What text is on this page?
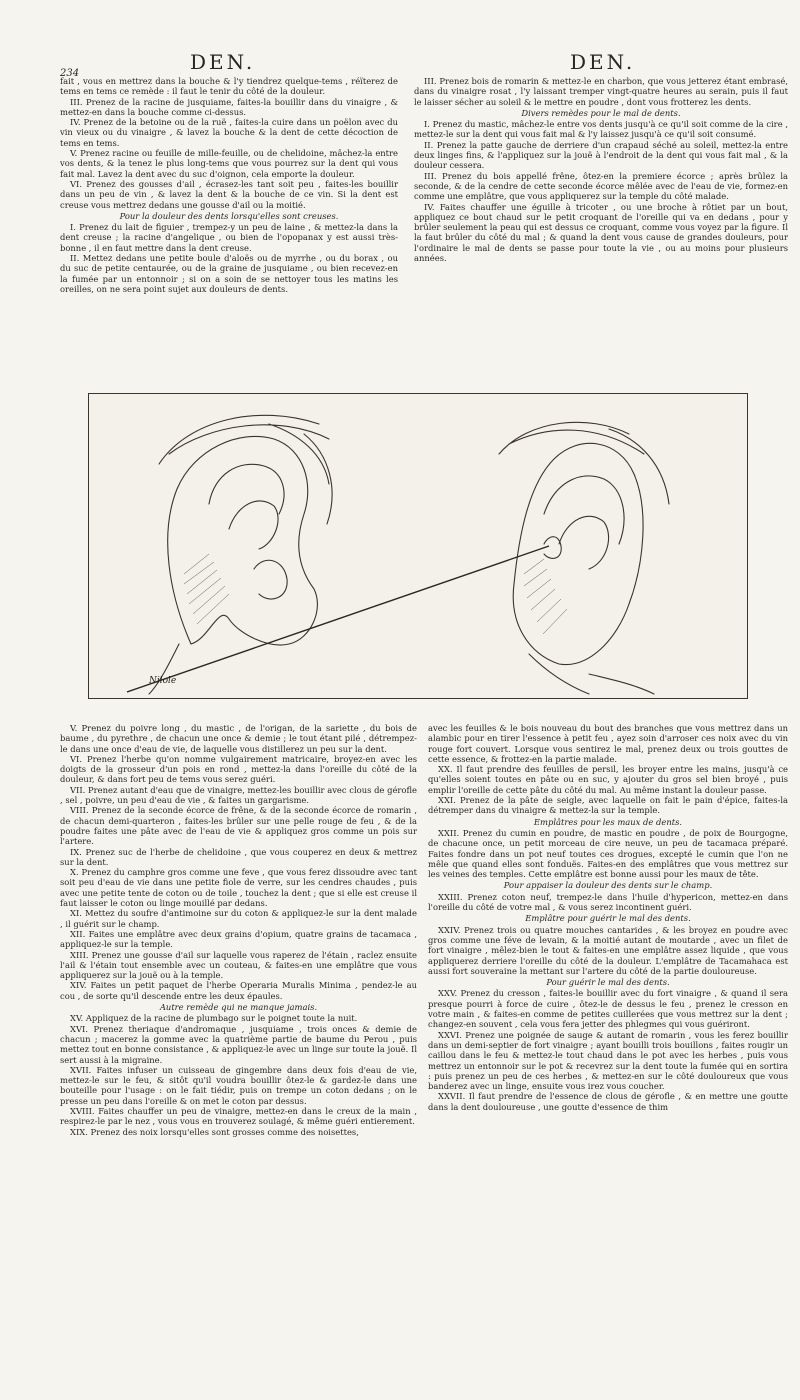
DEN.	DEN.
234

fait , vous en mettrez dans la bouche & l'y tiendrez quelque-tems , réïterez de tems en tems ce remède : il faut le tenir du côté de la douleur.

III. Prenez de la racine de jusquiame, faites-la bouillir dans du vinaigre , & mettez-en dans la bouche comme ci-dessus.

IV. Prenez de la betoine ou de la ruë , faites-la cuire dans un poëlon avec du vin vieux ou du vinaigre , & lavez la bouche & la dent de cette décoction de tems en tems.

V. Prenez racine ou feuille de mille-feuille, ou de chelidoine, mâchez-la entre vos dents, & la tenez le plus long-tems que vous pourrez sur la dent qui vous fait mal. Lavez la dent avec du suc d'oignon, cela emporte la douleur.

VI. Prenez des gousses d'ail , écrasez-les tant soit peu , faites-les bouillir dans un peu de vin , & lavez la dent & la bouche de ce vin. Si la dent est creuse vous mettrez dedans une gousse d'ail ou la moitié.

Pour la douleur des dents lorsqu'elles sont creuses.

I. Prenez du lait de figuier , trempez-y un peu de laine , & mettez-la dans la dent creuse ; la racine d'angelique , ou bien de l'opopanax y est aussi très-bonne , il en faut mettre dans la dent creuse.

II. Mettez dedans une petite boule d'aloës ou de myrrhe , ou du borax , ou du suc de petite centaurée, ou de la graine de jusquiame , ou bien recevez-en la fumée par un entonnoir ; si on a soin de se nettoyer tous les matins les oreilles, on ne sera point sujet aux douleurs de dents.

III. Prenez bois de romarin & mettez-le en charbon, que vous jetterez étant embrasé, dans du vinaigre rosat , l'y laissant tremper vingt-quatre heures au serain, puis il faut le laisser sécher au soleil & le mettre en poudre , dont vous frotterez les dents.

Divers remèdes pour le mal de dents.

I. Prenez du mastic, mâchez-le entre vos dents jusqu'à ce qu'il soit comme de la cire , mettez-le sur la dent qui vous fait mal & l'y laissez jusqu'à ce qu'il soit consumé.

II. Prenez la patte gauche de derriere d'un crapaud séché au soleil, mettez-la entre deux linges fins, & l'appliquez sur la jouë à l'endroit de la dent qui vous fait mal , & la douleur cessera.

III. Prenez du bois appellé frêne, ôtez-en la premiere écorce ; après brûlez la seconde, & de la cendre de cette seconde écorce mêlée avec de l'eau de vie, formez-en comme une emplâtre, que vous appliquerez sur la temple du côté malade.

IV. Faites chauffer une éguille à tricoter , ou une broche à rôtiet par un bout, appliquez ce bout chaud sur le petit croquant de l'oreille qui va en dedans , pour y brûler seulement la peau qui est dessus ce croquant, comme vous voyez par la figure. Il la faut brûler du côté du mal ; & quand la dent vous cause de grandes douleurs, pour l'ordinaire le mal de dents se passe pour toute la vie , ou au moins pour plusieurs années.

Nilole

V. Prenez du poivre long , du mastic , de l'origan, de la sariette , du bois de baume , du pyrethre , de chacun une once & demie ; le tout étant pilé , détrempez-le dans une once d'eau de vie, de laquelle vous distillerez un peu sur la dent.

VI. Prenez l'herbe qu'on nomme vulgairement matricaire, broyez-en avec les doigts de la grosseur d'un pois en rond , mettez-la dans l'oreille du côté de la douleur, & dans fort peu de tems vous serez guéri.

VII. Prenez autant d'eau que de vinaigre, mettez-les bouillir avec clous de gérofle , sel , poivre, un peu d'eau de vie , & faites un gargarisme.

VIII. Prenez de la seconde écorce de frêne, & de la seconde écorce de romarin , de chacun demi-quarteron , faites-les brûler sur une pelle rouge de feu , & de la poudre faites une pâte avec de l'eau de vie & appliquez gros comme un pois sur l'artere.

IX. Prenez suc de l'herbe de chelidoine , que vous couperez en deux & mettrez sur la dent.

X. Prenez du camphre gros comme une feve , que vous ferez dissoudre avec tant soit peu d'eau de vie dans une petite fiole de verre, sur les cendres chaudes , puis avec une petite tente de coton ou de toile , touchez la dent ; que si elle est creuse il faut laisser le coton ou linge mouillé par dedans.

XI. Mettez du soufre d'antimoine sur du coton & appliquez-le sur la dent malade , il guérit sur le champ.

XII. Faites une emplâtre avec deux grains d'opium, quatre grains de tacamaca , appliquez-le sur la temple.

XIII. Prenez une gousse d'ail sur laquelle vous raperez de l'étain , raclez ensuite l'ail & l'étain tout ensemble avec un couteau, & faites-en une emplâtre que vous appliquerez sur la jouë ou à la temple.

XIV. Faites un petit paquet de l'herbe Operaria Muralis Minima , pendez-le au cou , de sorte qu'il descende entre les deux épaules.

Autre remède qui ne manque jamais.

XV. Appliquez de la racine de plumbago sur le poignet toute la nuit.

XVI. Prenez theriaque d'andromaque , jusquiame , trois onces & demie de chacun ; macerez la gomme avec la quatrième partie de baume du Perou , puis mettez tout en bonne consistance , & appliquez-le avec un linge sur toute la jouë. Il sert aussi à la migraine.

XVII. Faites infuser un cuisseau de gingembre dans deux fois d'eau de vie, mettez-le sur le feu, & sitôt qu'il voudra bouillir ôtez-le & gardez-le dans une bouteille pour l'usage : on le fait tiédir, puis on trempe un coton dedans ; on le presse un peu dans l'oreille & on met le coton par dessus.

XVIII. Faites chauffer un peu de vinaigre, mettez-en dans le creux de la main , respirez-le par le nez , vous vous en trouverez soulagé, & même guéri entierement.

XIX. Prenez des noix lorsqu'elles sont grosses comme des noisettes,

avec les feuilles & le bois nouveau du bout des branches que vous mettrez dans un alambic pour en tirer l'essence à petit feu , ayez soin d'arroser ces noix avec du vin rouge fort couvert. Lorsque vous sentirez le mal, prenez deux ou trois gouttes de cette essence, & frottez-en la partie malade.

XX. Il faut prendre des feuilles de persil, les broyer entre les mains, jusqu'à ce qu'elles soient toutes en pâte ou en suc, y ajouter du gros sel bien broyé , puis emplir l'oreille de cette pâte du côté du mal. Au même instant la douleur passe.

XXI. Prenez de la pâte de seigle, avec laquelle on fait le pain d'épice, faites-la détremper dans du vinaigre & mettez-la sur la temple.

Emplâtres pour les maux de dents.

XXII. Prenez du cumin en poudre, de mastic en poudre , de poix de Bourgogne, de chacune once, un petit morceau de cire neuve, un peu de tacamaca préparé. Faites fondre dans un pot neuf toutes ces drogues, excepté le cumin que l'on ne mêle que quand elles sont fonduës. Faites-en des emplâtres que vous mettrez sur les veines des temples. Cette emplâtre est bonne aussi pour les maux de tête.

Pour appaiser la douleur des dents sur le champ.

XXIII. Prenez coton neuf, trempez-le dans l'huile d'hypericon, mettez-en dans l'oreille du côté de votre mal , & vous serez incontinent guéri.

Emplâtre pour guérir le mal des dents.

XXIV. Prenez trois ou quatre mouches cantarides , & les broyez en poudre avec gros comme une féve de levain, & la moitié autant de moutarde , avec un filet de fort vinaigre , mêlez-bien le tout & faites-en une emplâtre assez liquide , que vous appliquerez derriere l'oreille du côté de la douleur. L'emplâtre de Tacamahaca est aussi fort souveraine la mettant sur l'artere du côté de la partie douloureuse.

Pour guérir le mal des dents.

XXV. Prenez du cresson , faites-le bouillir avec du fort vinaigre , & quand il sera presque pourri à force de cuire , ôtez-le de dessus le feu , prenez le cresson en votre main , & faites-en comme de petites cuillerées que vous mettrez sur la dent ; changez-en souvent , cela vous fera jetter des phlegmes qui vous guériront.

XXVI. Prenez une poignée de sauge & autant de romarin , vous les ferez bouillir dans un demi-septier de fort vinaigre ; ayant bouilli trois bouillons , faites rougir un caillou dans le feu & mettez-le tout chaud dans le pot avec les herbes , puis vous mettrez un entonnoir sur le pot & recevrez sur la dent toute la fumée qui en sortira : puis prenez un peu de ces herbes , & mettez-en sur le côté douloureux que vous banderez avec un linge, ensuite vous irez vous coucher.

XXVII. Il faut prendre de l'essence de clous de gérofle , & en mettre une goutte dans la dent douloureuse , une goutte d'essence de thim
